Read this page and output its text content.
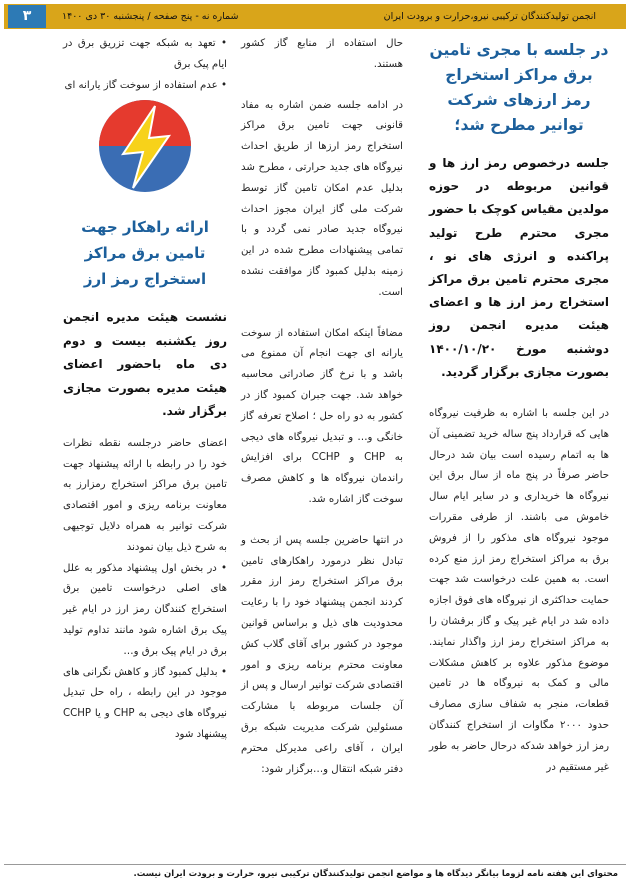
انجمن تولیدکنندگان ترکیبی نیرو،حرارت و برودت ایران
شماره نه - پنج صفحه / پنجشنبه ۳۰ دی ۱۴۰۰
۳
در جلسه با مجری تامین برق مراکز استخراج رمز ارزهای شرکت توانیر مطرح شد؛
جلسه درخصوص رمز ارز ها و قوانین مربوطه در حوزه مولدین مقیاس کوچک با حضور مجری محترم طرح تولید پراکنده و انرژی های نو ، مجری محترم تامین برق مراکز استخراج رمز ارز ها و اعضای هیئت مدیره انجمن روز دوشنبه مورخ ۱۴۰۰/۱۰/۲۰ بصورت مجازی برگزار گردید.

در این جلسه با اشاره به ظرفیت نیروگاه هایی که قرارداد پنج ساله خرید تضمینی آن ها به اتمام رسیده است بیان شد درحال حاضر صرفاً در پنج ماه از سال برق این نیروگاه ها خریداری و در سایر ایام سال خاموش می باشند. از طرفی مقررات موجود نیروگاه های مذکور را از فروش برق به مراکز استخراج رمز ارز منع کرده است. به همین علت درخواست شد جهت حمایت حداکثری از نیروگاه های فوق اجازه داده شد در ایام غیر پیک و گاز برقشان را به مراکز استخراج رمز ارز واگذار نمایند. موضوع مذکور علاوه بر کاهش مشکلات مالی و کمک به نیروگاه ها در تامین قطعات، منجر به شفاف سازی مصارف حدود ۲۰۰۰ مگاوات از استخراج کنندگان رمز ارز خواهد شدکه درحال حاضر به طور غیر مستقیم در

حال استفاده از منابع گاز کشور هستند.

در ادامه جلسه ضمن اشاره به مفاد قانونی جهت تامین برق مراکز استخراج رمز ارزها از طریق احداث نیروگاه های جدید حرارتی ، مطرح شد بدلیل عدم امکان تامین گاز توسط شرکت ملی گاز ایران مجوز احداث نیروگاه جدید صادر نمی گردد و با تمامی پیشنهادات مطرح شده در این زمینه بدلیل کمبود گاز موافقت نشده است.

مضافاً اینکه امکان استفاده از سوخت یارانه ای جهت انجام آن ممنوع می باشد و با نرخ گاز صادراتی محاسبه خواهد شد. جهت جبران کمبود گاز در کشور به دو راه حل ؛ اصلاح تعرفه گاز خانگی و… و تبدیل نیروگاه های دیجی به CHP و CCHP برای افزایش راندمان نیروگاه ها و کاهش مصرف سوخت گاز اشاره شد.

در انتها حاضرین جلسه پس از بحث و تبادل نظر درمورد راهکارهای تامین برق مراکز استخراج رمز ارز مقرر کردند انجمن پیشنهاد خود را با رعایت محدودیت های ذیل و براساس قوانین موجود در کشور برای آقای گلاب کش معاونت محترم برنامه ریزی و امور اقتصادی شرکت توانیر ارسال و پس از آن جلسات مربوطه با مشارکت مسئولین شرکت مدیریت شبکه برق ایران ، آقای راعی مدیرکل محترم دفتر شبکه انتقال و…برگزار شود:

• تعهد به شبکه جهت تزریق برق در ایام پیک برق

• عدم استفاده از سوخت گاز یارانه ای

ارائه راهکار جهت تامین برق مراکز استخراج رمز ارز
نشست هیئت مدیره انجمن روز یکشنبه بیست و دوم دی ماه باحضور اعضای هیئت مدیره بصورت مجازی برگزار شد.

اعضای حاضر درجلسه نقطه نظرات خود را در رابطه با ارائه پیشنهاد جهت تامین برق مراکز استخراج رمزارز به معاونت برنامه ریزی و امور اقتصادی شرکت توانیر به همراه دلایل توجیهی به شرح ذیل بیان نمودند

• در بخش اول پیشنهاد مذکور به علل های اصلی درخواست تامین برق استخراج کنندگان رمز ارز در ایام غیر پیک برق اشاره شود مانند تداوم تولید برق در ایام پیک برق و…

• بدلیل کمبود گاز و کاهش نگرانی های موجود در این رابطه ، راه حل تبدیل نیروگاه های دیجی به CHP و یا CCHP پیشنهاد شود

محتوای این هفته نامه لزوما بیانگر دیدگاه ها و مواضع انجمن تولیدکنندگان ترکیبی نیرو، حرارت و برودت ایران نیست.
